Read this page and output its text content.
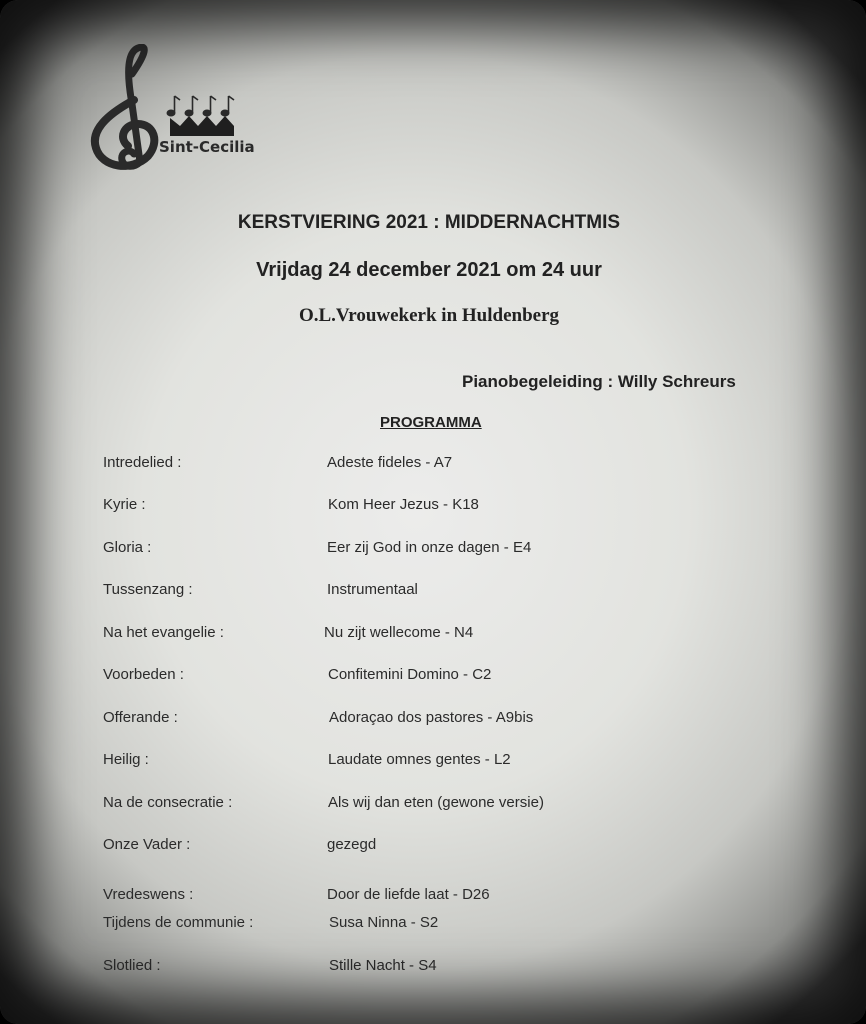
Sint-Cecilia
KERSTVIERING 2021 : MIDDERNACHTMIS
Vrijdag 24 december 2021 om 24 uur
O.L.Vrouwekerk in Huldenberg
Pianobegeleiding : Willy Schreurs
PROGRAMMA
Intredelied :	Adeste fideles - A7
Kyrie :	Kom Heer Jezus - K18
Gloria :	Eer zij God in onze dagen - E4
Tussenzang :	Instrumentaal
Na het evangelie :	Nu zijt wellecome - N4
Voorbeden :	Confitemini Domino - C2
Offerande :	Adoraçao dos pastores - A9bis
Heilig :	Laudate omnes gentes - L2
Na de consecratie :	Als wij dan eten (gewone versie)
Onze Vader :	gezegd
Vredeswens :	Door de liefde laat - D26
Tijdens de communie :	Susa Ninna - S2
Slotlied :	Stille Nacht - S4
